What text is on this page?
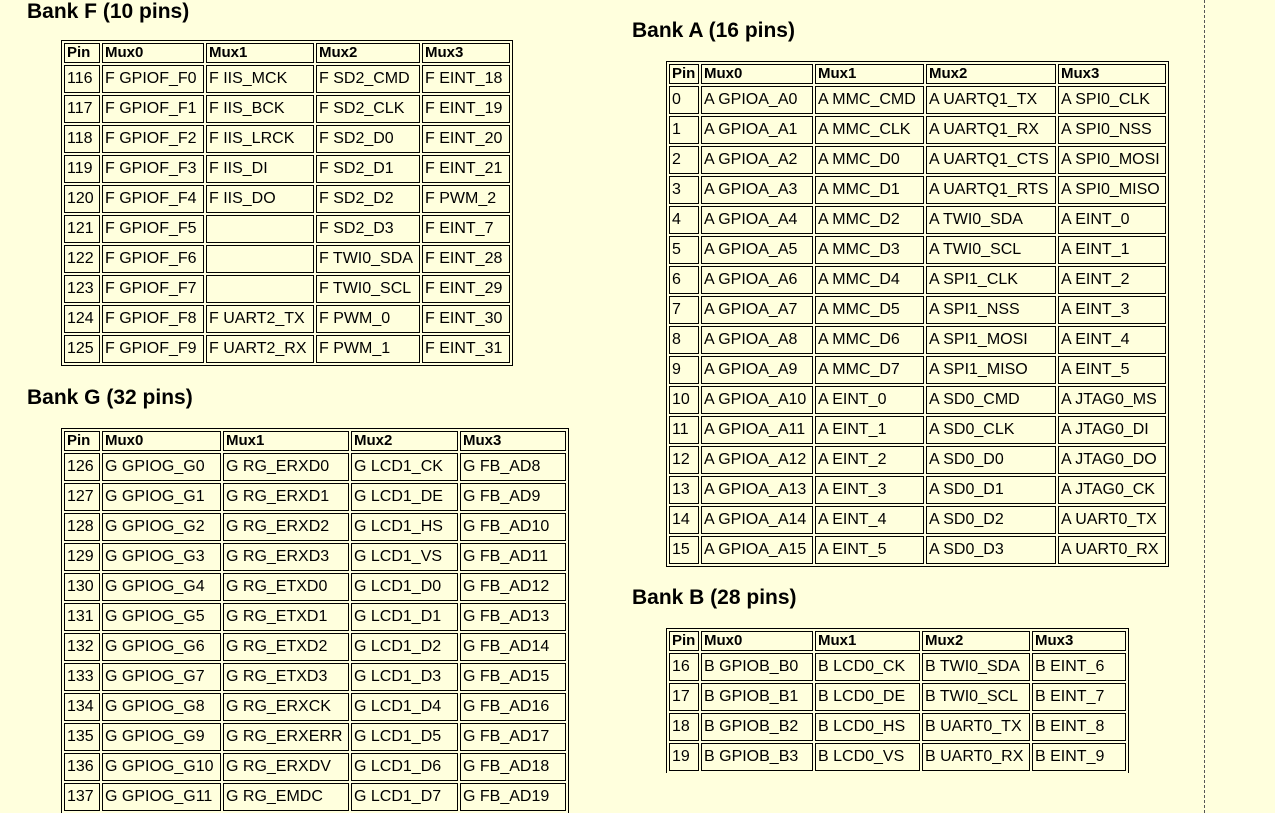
Bank F (10 pins)
Pin	Mux0	Mux1	Mux2	Mux3
116	F GPIOF_F0	F IIS_MCK	F SD2_CMD	F EINT_18
117	F GPIOF_F1	F IIS_BCK	F SD2_CLK	F EINT_19
118	F GPIOF_F2	F IIS_LRCK	F SD2_D0	F EINT_20
119	F GPIOF_F3	F IIS_DI	F SD2_D1	F EINT_21
120	F GPIOF_F4	F IIS_DO	F SD2_D2	F PWM_2
121	F GPIOF_F5		F SD2_D3	F EINT_7
122	F GPIOF_F6		F TWI0_SDA	F EINT_28
123	F GPIOF_F7		F TWI0_SCL	F EINT_29
124	F GPIOF_F8	F UART2_TX	F PWM_0	F EINT_30
125	F GPIOF_F9	F UART2_RX	F PWM_1	F EINT_31
Bank G (32 pins)
Pin	Mux0	Mux1	Mux2	Mux3
126	G GPIOG_G0	G RG_ERXD0	G LCD1_CK	G FB_AD8
127	G GPIOG_G1	G RG_ERXD1	G LCD1_DE	G FB_AD9
128	G GPIOG_G2	G RG_ERXD2	G LCD1_HS	G FB_AD10
129	G GPIOG_G3	G RG_ERXD3	G LCD1_VS	G FB_AD11
130	G GPIOG_G4	G RG_ETXD0	G LCD1_D0	G FB_AD12
131	G GPIOG_G5	G RG_ETXD1	G LCD1_D1	G FB_AD13
132	G GPIOG_G6	G RG_ETXD2	G LCD1_D2	G FB_AD14
133	G GPIOG_G7	G RG_ETXD3	G LCD1_D3	G FB_AD15
134	G GPIOG_G8	G RG_ERXCK	G LCD1_D4	G FB_AD16
135	G GPIOG_G9	G RG_ERXERR	G LCD1_D5	G FB_AD17
136	G GPIOG_G10	G RG_ERXDV	G LCD1_D6	G FB_AD18
137	G GPIOG_G11	G RG_EMDC	G LCD1_D7	G FB_AD19
Bank A (16 pins)
Pin	Mux0	Mux1	Mux2	Mux3
0	A GPIOA_A0	A MMC_CMD	A UARTQ1_TX	A SPI0_CLK
1	A GPIOA_A1	A MMC_CLK	A UARTQ1_RX	A SPI0_NSS
2	A GPIOA_A2	A MMC_D0	A UARTQ1_CTS	A SPI0_MOSI
3	A GPIOA_A3	A MMC_D1	A UARTQ1_RTS	A SPI0_MISO
4	A GPIOA_A4	A MMC_D2	A TWI0_SDA	A EINT_0
5	A GPIOA_A5	A MMC_D3	A TWI0_SCL	A EINT_1
6	A GPIOA_A6	A MMC_D4	A SPI1_CLK	A EINT_2
7	A GPIOA_A7	A MMC_D5	A SPI1_NSS	A EINT_3
8	A GPIOA_A8	A MMC_D6	A SPI1_MOSI	A EINT_4
9	A GPIOA_A9	A MMC_D7	A SPI1_MISO	A EINT_5
10	A GPIOA_A10	A EINT_0	A SD0_CMD	A JTAG0_MS
11	A GPIOA_A11	A EINT_1	A SD0_CLK	A JTAG0_DI
12	A GPIOA_A12	A EINT_2	A SD0_D0	A JTAG0_DO
13	A GPIOA_A13	A EINT_3	A SD0_D1	A JTAG0_CK
14	A GPIOA_A14	A EINT_4	A SD0_D2	A UART0_TX
15	A GPIOA_A15	A EINT_5	A SD0_D3	A UART0_RX
Bank B (28 pins)
Pin	Mux0	Mux1	Mux2	Mux3
16	B GPIOB_B0	B LCD0_CK	B TWI0_SDA	B EINT_6
17	B GPIOB_B1	B LCD0_DE	B TWI0_SCL	B EINT_7
18	B GPIOB_B2	B LCD0_HS	B UART0_TX	B EINT_8
19	B GPIOB_B3	B LCD0_VS	B UART0_RX	B EINT_9
